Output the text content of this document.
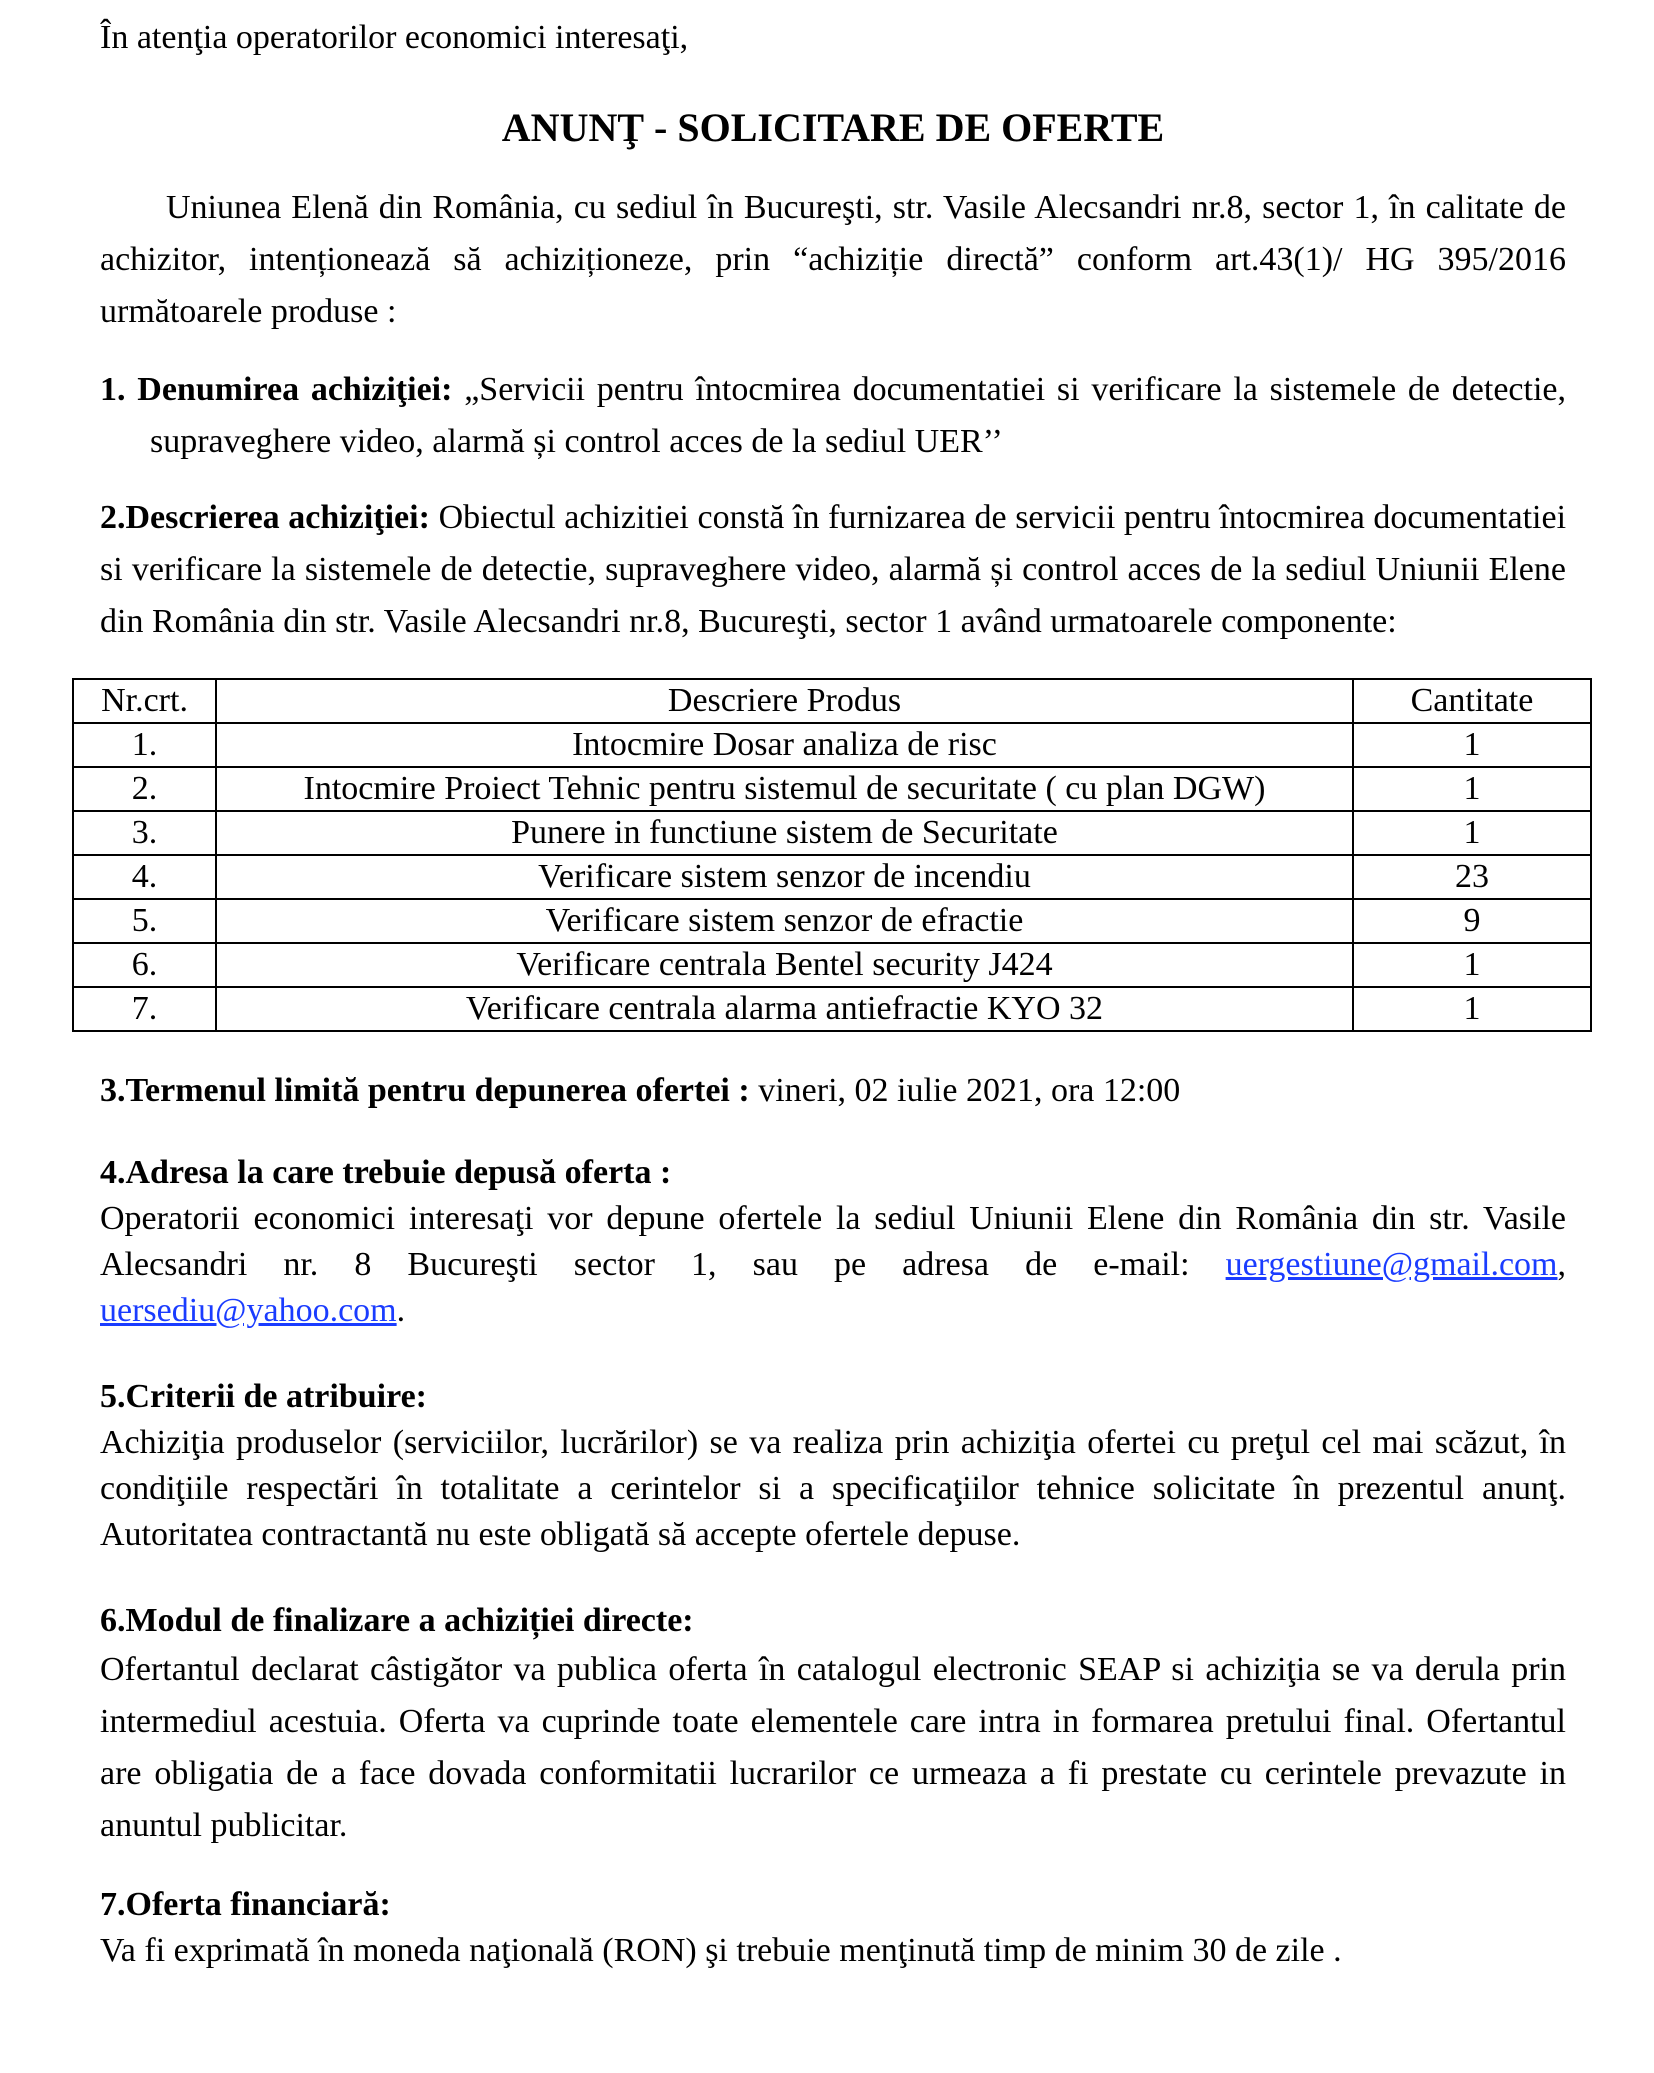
În atenţia operatorilor economici interesaţi,

ANUNŢ - SOLICITARE DE OFERTE

Uniunea Elenă din România, cu sediul în Bucureşti, str. Vasile Alecsandri nr.8, sector 1, în calitate de achizitor, intenționează să achiziționeze, prin “achiziție directă” conform art.43(1)/ HG 395/2016 următoarele produse :

1. Denumirea achiziţiei: „Servicii pentru întocmirea documentatiei si verificare la sistemele de detectie, supraveghere video, alarmă și control acces de la sediul UER’’

2.Descrierea achiziţiei: Obiectul achizitiei constă în furnizarea de servicii pentru întocmirea documentatiei si verificare la sistemele de detectie, supraveghere video, alarmă și control acces de la sediul Uniunii Elene din România din str. Vasile Alecsandri nr.8, Bucureşti, sector 1 având urmatoarele componente:

Nr.crt.	Descriere Produs	Cantitate
1.	Intocmire Dosar analiza de risc	1
2.	Intocmire Proiect Tehnic pentru sistemul de securitate ( cu plan DGW)	1
3.	Punere in functiune sistem de Securitate	1
4.	Verificare sistem senzor de incendiu	23
5.	Verificare sistem senzor de efractie	9
6.	Verificare centrala Bentel security J424	1
7.	Verificare centrala alarma antiefractie KYO 32	1

3.Termenul limită pentru depunerea ofertei : vineri, 02 iulie 2021, ora 12:00

4.Adresa la care trebuie depusă oferta :

Operatorii economici interesaţi vor depune ofertele la sediul Uniunii Elene din România din str. Vasile Alecsandri nr. 8 Bucureşti sector 1, sau pe adresa de e-mail: uergestiune@gmail.com, uersediu@yahoo.com.

5.Criterii de atribuire:

Achiziţia produselor (serviciilor, lucrărilor) se va realiza prin achiziţia ofertei cu preţul cel mai scăzut, în condiţiile respectări în totalitate a cerintelor si a specificaţiilor tehnice solicitate în prezentul anunţ. Autoritatea contractantă nu este obligată să accepte ofertele depuse.

6.Modul de finalizare a achiziției directe:

Ofertantul declarat câstigător va publica oferta în catalogul electronic SEAP si achiziţia se va derula prin intermediul acestuia. Oferta va cuprinde toate elementele care intra in formarea pretului final. Ofertantul are obligatia de a face dovada conformitatii lucrarilor ce urmeaza a fi prestate cu cerintele prevazute in anuntul publicitar.

7.Oferta financiară:

Va fi exprimată în moneda naţională (RON) şi trebuie menţinută timp de minim 30 de zile .
